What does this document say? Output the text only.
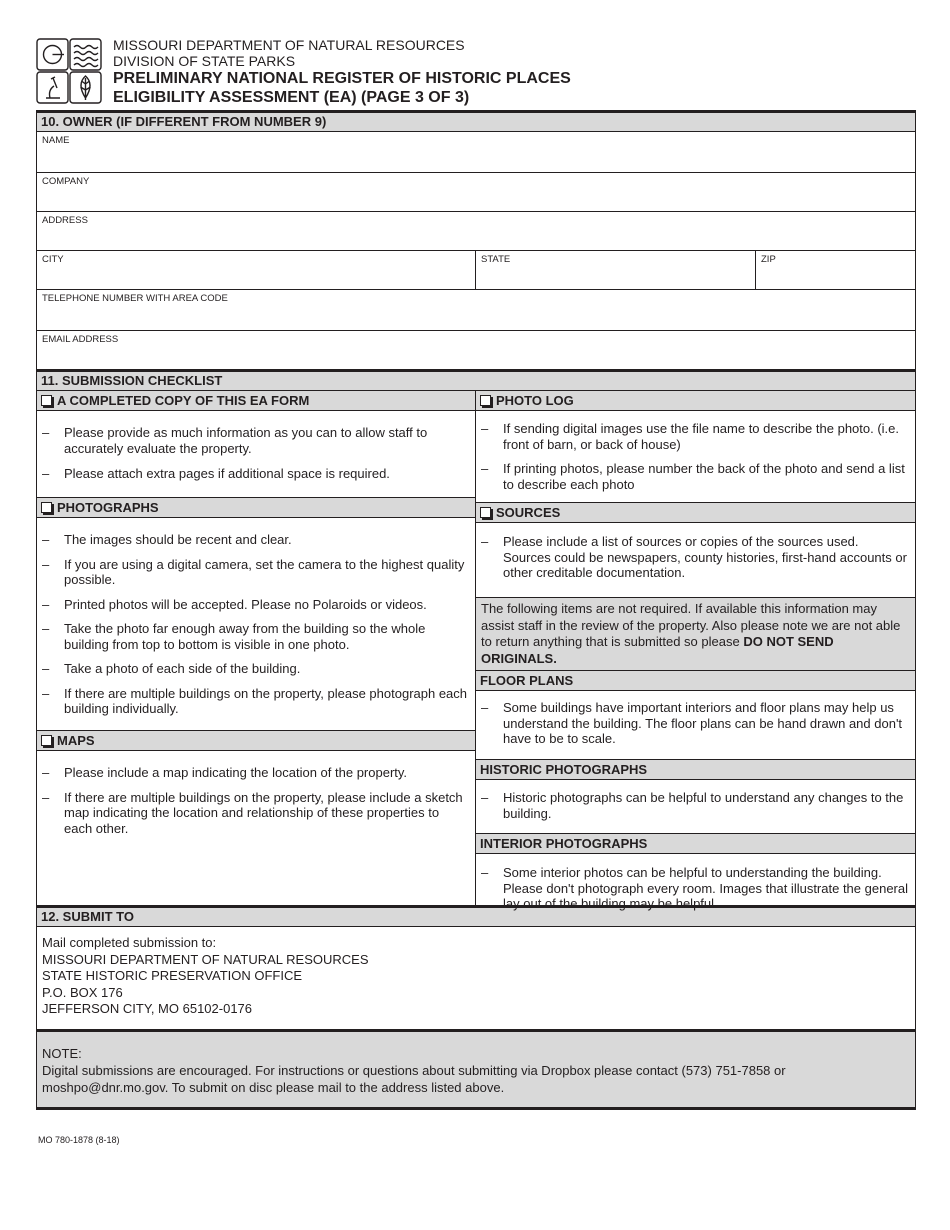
MISSOURI DEPARTMENT OF NATURAL RESOURCES
DIVISION OF STATE PARKS
PRELIMINARY NATIONAL REGISTER OF HISTORIC PLACES
ELIGIBILITY ASSESSMENT (EA) (PAGE 3 OF 3)
10. OWNER (IF DIFFERENT FROM NUMBER 9)
NAME
COMPANY
ADDRESS
CITY	STATE	ZIP
TELEPHONE NUMBER WITH AREA CODE
EMAIL ADDRESS
11. SUBMISSION CHECKLIST
A COMPLETED COPY OF THIS EA FORM
– Please provide as much information as you can to allow staff to accurately evaluate the property.
– Please attach extra pages if additional space is required.
PHOTOGRAPHS
– The images should be recent and clear.
– If you are using a digital camera, set the camera to the highest quality possible.
– Printed photos will be accepted. Please no Polaroids or videos.
– Take the photo far enough away from the building so the whole building from top to bottom is visible in one photo.
– Take a photo of each side of the building.
– If there are multiple buildings on the property, please photograph each building individually.
MAPS
– Please include a map indicating the location of the property.
– If there are multiple buildings on the property, please include a sketch map indicating the location and relationship of these properties to each other.
PHOTO LOG
– If sending digital images use the file name to describe the photo. (i.e. front of barn, or back of house)
– If printing photos, please number the back of the photo and send a list to describe each photo
SOURCES
– Please include a list of sources or copies of the sources used. Sources could be newspapers, county histories, first-hand accounts or other creditable documentation.
The following items are not required. If available this information may assist staff in the review of the property. Also please note we are not able to return anything that is submitted so please DO NOT SEND ORIGINALS.
FLOOR PLANS
– Some buildings have important interiors and floor plans may help us understand the building. The floor plans can be hand drawn and don't have to be to scale.
HISTORIC PHOTOGRAPHS
– Historic photographs can be helpful to understand any changes to the building.
INTERIOR PHOTOGRAPHS
– Some interior photos can be helpful to understanding the building. Please don't photograph every room. Images that illustrate the general lay out of the building may be helpful.
12. SUBMIT TO
Mail completed submission to:
MISSOURI DEPARTMENT OF NATURAL RESOURCES
STATE HISTORIC PRESERVATION OFFICE
P.O. BOX 176
JEFFERSON CITY, MO 65102-0176
NOTE:
Digital submissions are encouraged. For instructions or questions about submitting via Dropbox please contact (573) 751-7858 or moshpo@dnr.mo.gov. To submit on disc please mail to the address listed above.
MO 780-1878 (8-18)
